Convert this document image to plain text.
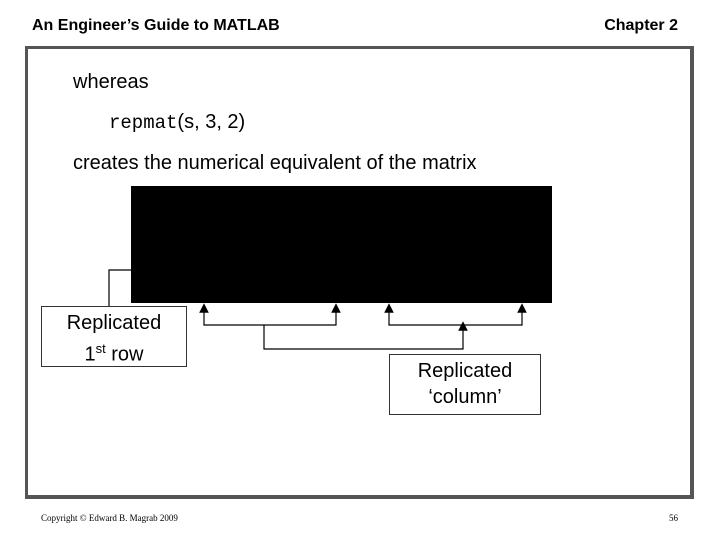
An Engineer’s Guide to MATLAB	Chapter 2
whereas
repmat(s, 3, 2)
creates the numerical equivalent of the matrix
Replicated
1st row
Replicated
‘column’
Copyright © Edward B. Magrab 2009	56
